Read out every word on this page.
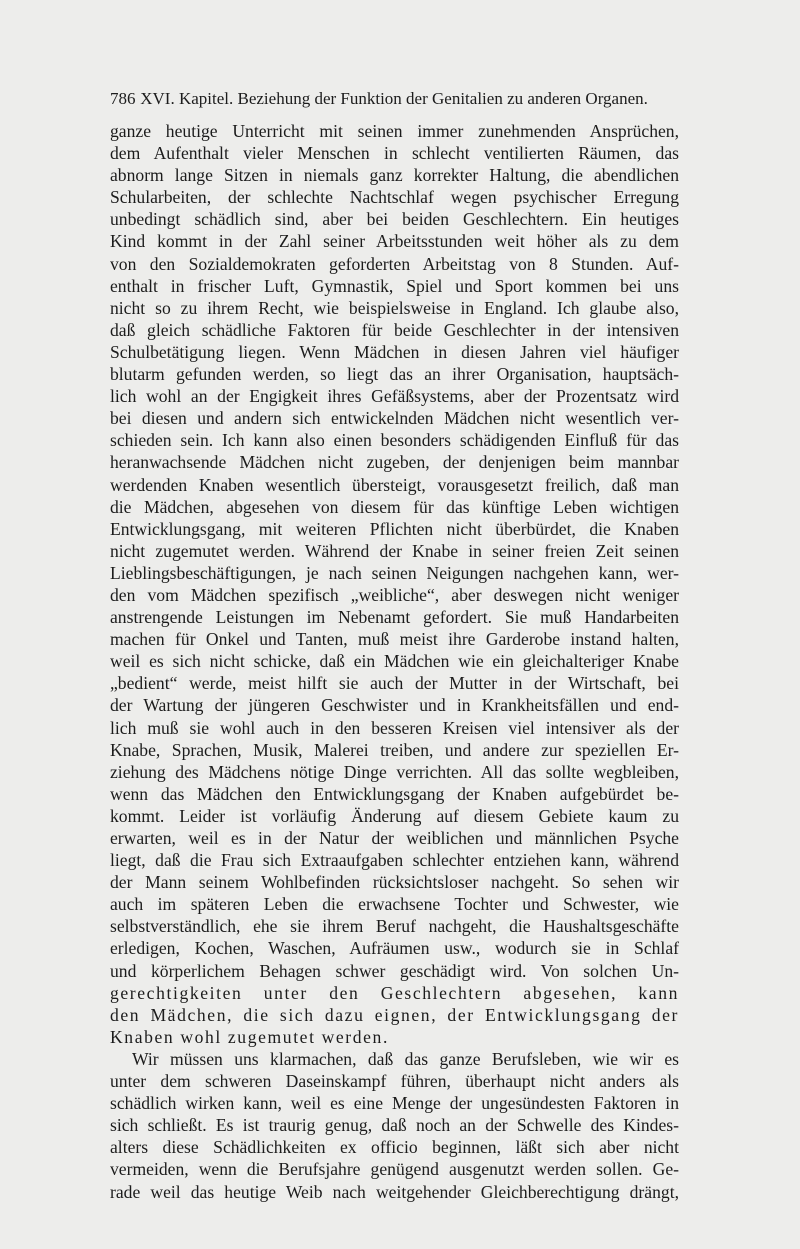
786 XVI. Kapitel. Beziehung der Funktion der Genitalien zu anderen Organen.
ganze heutige Unterricht mit seinen immer zunehmenden Ansprüchen,
dem Aufenthalt vieler Menschen in schlecht ventilierten Räumen, das
abnorm lange Sitzen in niemals ganz korrekter Haltung, die abendlichen
Schularbeiten, der schlechte Nachtschlaf wegen psychischer Erregung
unbedingt schädlich sind, aber bei beiden Geschlechtern. Ein heutiges
Kind kommt in der Zahl seiner Arbeitsstunden weit höher als zu dem
von den Sozialdemokraten geforderten Arbeitstag von 8 Stunden. Auf-
enthalt in frischer Luft, Gymnastik, Spiel und Sport kommen bei uns
nicht so zu ihrem Recht, wie beispielsweise in England. Ich glaube also,
daß gleich schädliche Faktoren für beide Geschlechter in der intensiven
Schulbetätigung liegen. Wenn Mädchen in diesen Jahren viel häufiger
blutarm gefunden werden, so liegt das an ihrer Organisation, hauptsäch-
lich wohl an der Engigkeit ihres Gefäßsystems, aber der Prozentsatz wird
bei diesen und andern sich entwickelnden Mädchen nicht wesentlich ver-
schieden sein. Ich kann also einen besonders schädigenden Einfluß für das
heranwachsende Mädchen nicht zugeben, der denjenigen beim mannbar
werdenden Knaben wesentlich übersteigt, vorausgesetzt freilich, daß man
die Mädchen, abgesehen von diesem für das künftige Leben wichtigen
Entwicklungsgang, mit weiteren Pflichten nicht überbürdet, die Knaben
nicht zugemutet werden. Während der Knabe in seiner freien Zeit seinen
Lieblingsbeschäftigungen, je nach seinen Neigungen nachgehen kann, wer-
den vom Mädchen spezifisch „weibliche“, aber deswegen nicht weniger
anstrengende Leistungen im Nebenamt gefordert. Sie muß Handarbeiten
machen für Onkel und Tanten, muß meist ihre Garderobe instand halten,
weil es sich nicht schicke, daß ein Mädchen wie ein gleichalteriger Knabe
„bedient“ werde, meist hilft sie auch der Mutter in der Wirtschaft, bei
der Wartung der jüngeren Geschwister und in Krankheitsfällen und end-
lich muß sie wohl auch in den besseren Kreisen viel intensiver als der
Knabe, Sprachen, Musik, Malerei treiben, und andere zur speziellen Er-
ziehung des Mädchens nötige Dinge verrichten. All das sollte wegbleiben,
wenn das Mädchen den Entwicklungsgang der Knaben aufgebürdet be-
kommt. Leider ist vorläufig Änderung auf diesem Gebiete kaum zu
erwarten, weil es in der Natur der weiblichen und männlichen Psyche
liegt, daß die Frau sich Extraaufgaben schlechter entziehen kann, während
der Mann seinem Wohlbefinden rücksichtsloser nachgeht. So sehen wir
auch im späteren Leben die erwachsene Tochter und Schwester, wie
selbstverständlich, ehe sie ihrem Beruf nachgeht, die Haushaltsgeschäfte
erledigen, Kochen, Waschen, Aufräumen usw., wodurch sie in Schlaf
und körperlichem Behagen schwer geschädigt wird. Von solchen Un-
gerechtigkeiten unter den Geschlechtern abgesehen, kann
den Mädchen, die sich dazu eignen, der Entwicklungsgang der
Knaben wohl zugemutet werden.
Wir müssen uns klarmachen, daß das ganze Berufsleben, wie wir es
unter dem schweren Daseinskampf führen, überhaupt nicht anders als
schädlich wirken kann, weil es eine Menge der ungesündesten Faktoren in
sich schließt. Es ist traurig genug, daß noch an der Schwelle des Kindes-
alters diese Schädlichkeiten ex officio beginnen, läßt sich aber nicht
vermeiden, wenn die Berufsjahre genügend ausgenutzt werden sollen. Ge-
rade weil das heutige Weib nach weitgehender Gleichberechtigung drängt,
